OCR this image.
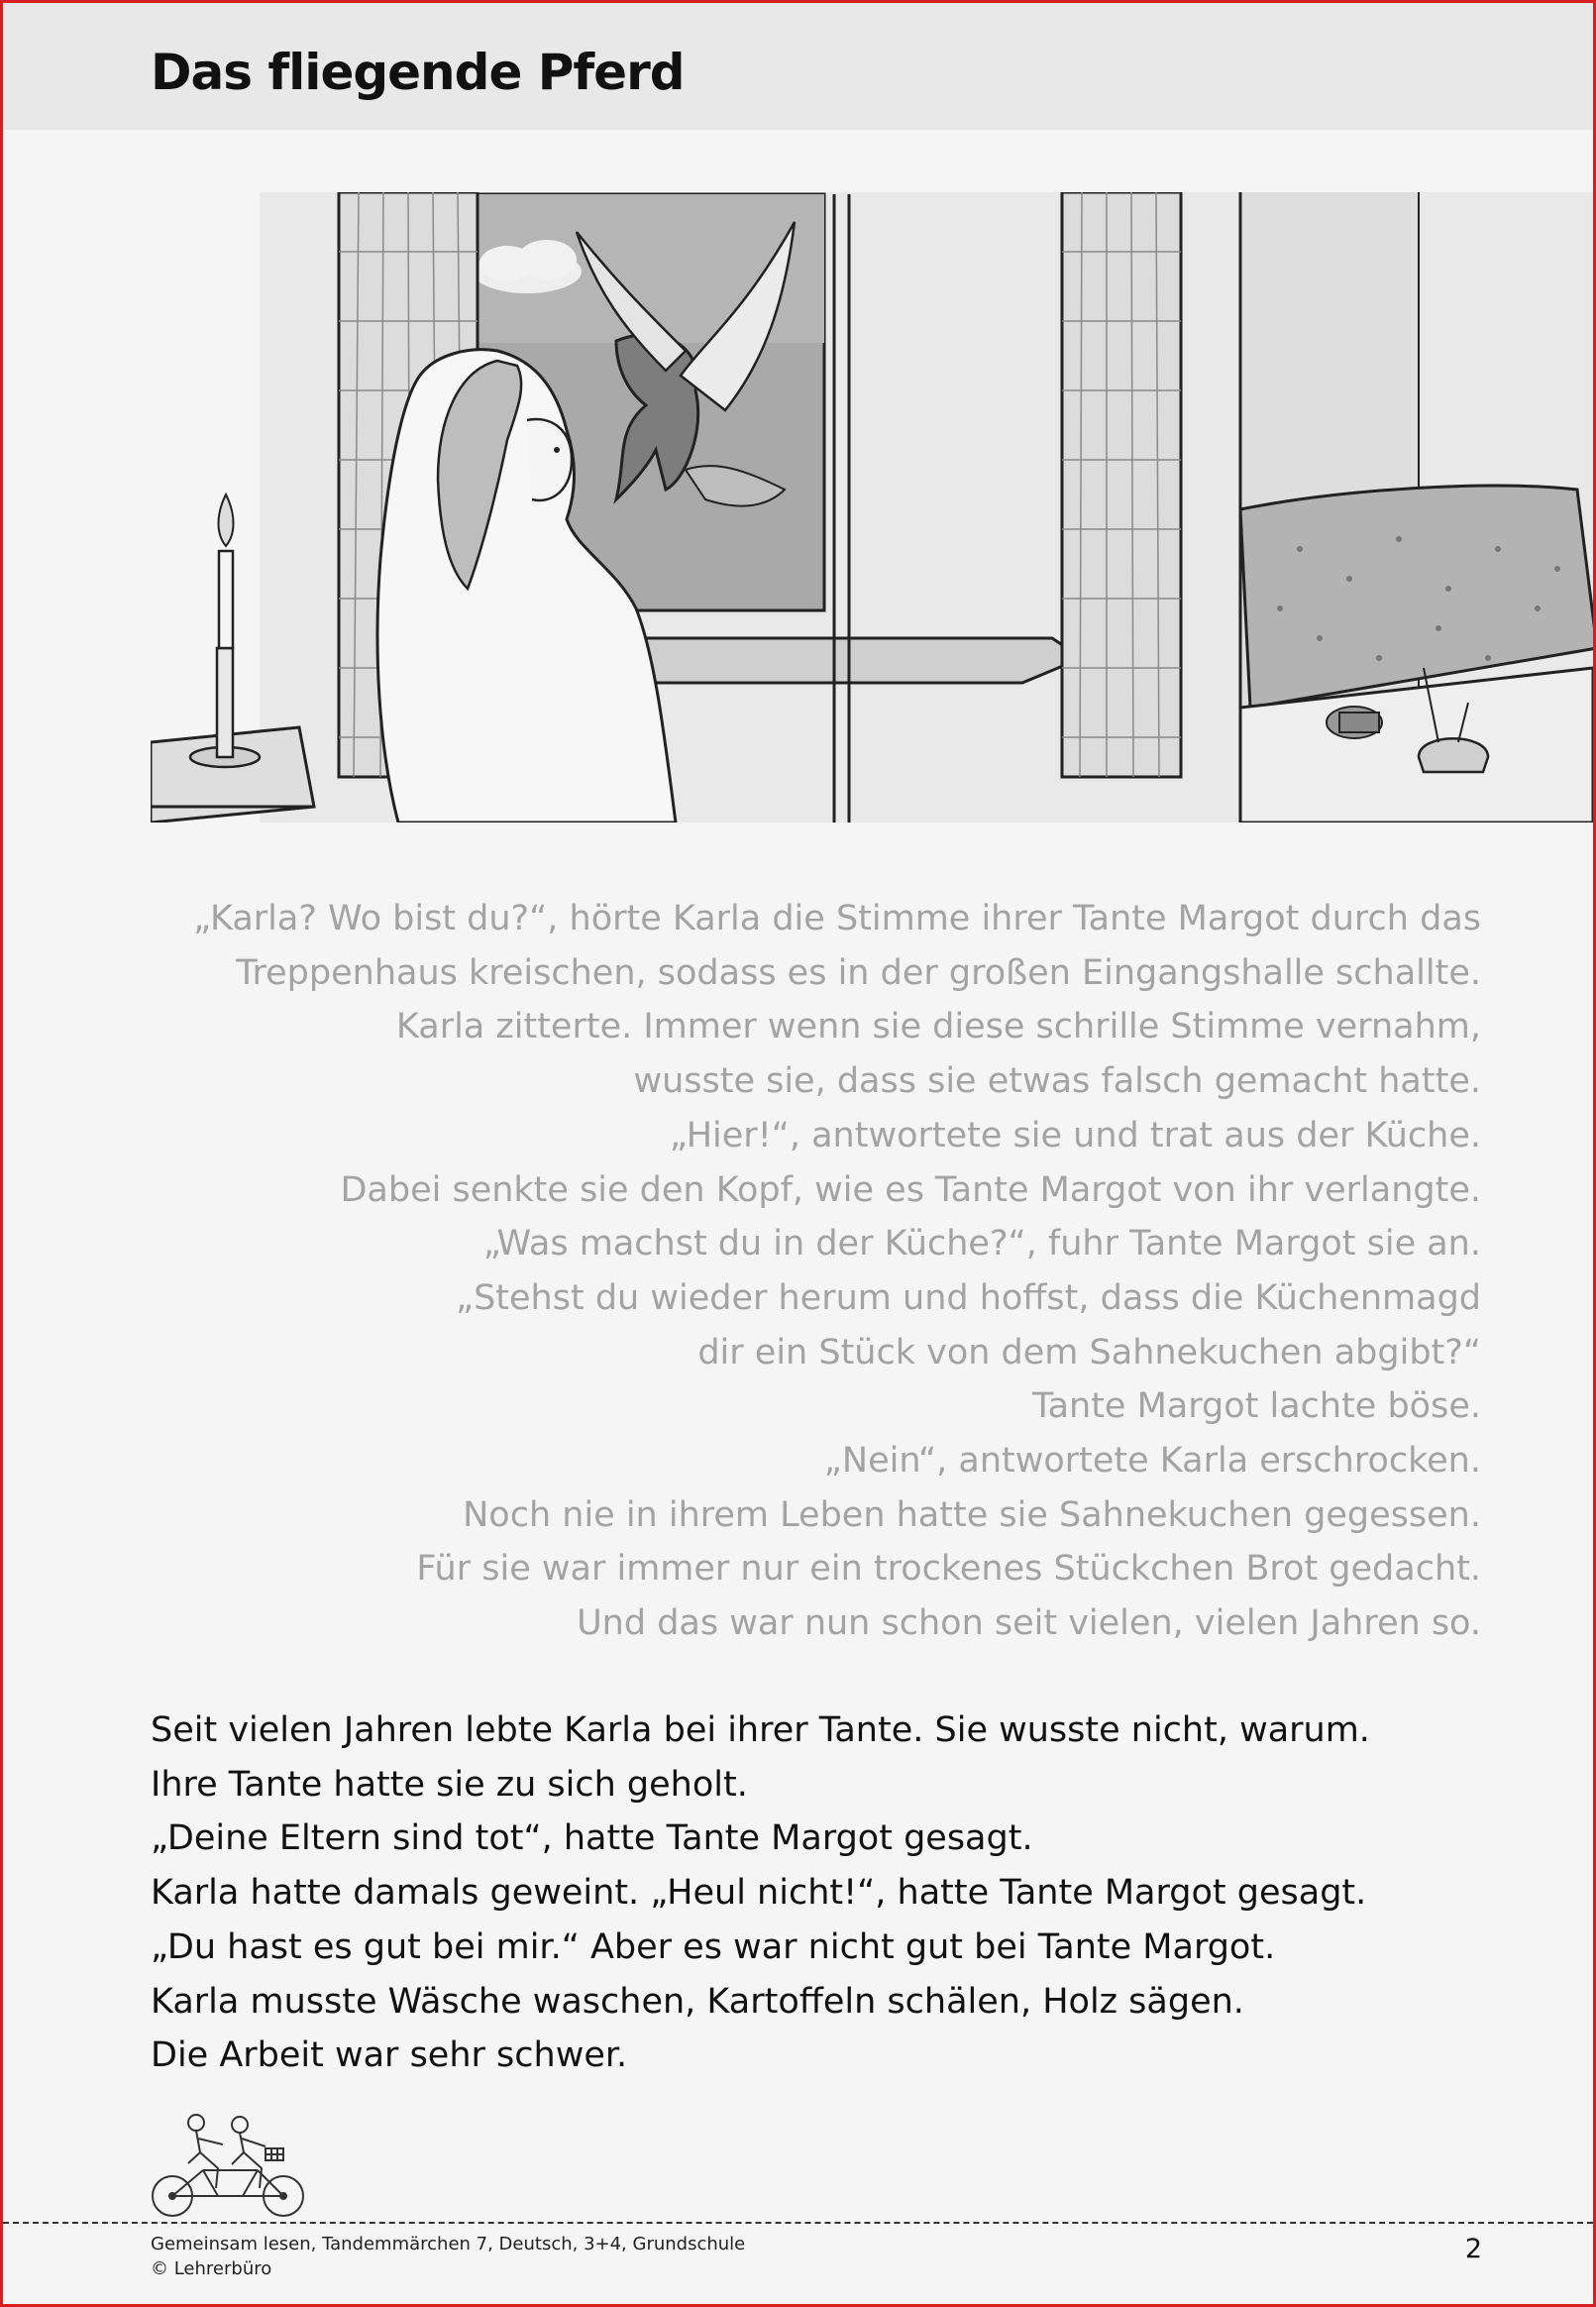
Das fliegende Pferd
„Karla? Wo bist du?“, hörte Karla die Stimme ihrer Tante Margot durch das
Treppenhaus kreischen, sodass es in der großen Eingangshalle schallte.
Karla zitterte. Immer wenn sie diese schrille Stimme vernahm,
wusste sie, dass sie etwas falsch gemacht hatte.
„Hier!“, antwortete sie und trat aus der Küche.
Dabei senkte sie den Kopf, wie es Tante Margot von ihr verlangte.
„Was machst du in der Küche?“, fuhr Tante Margot sie an.
„Stehst du wieder herum und hoffst, dass die Küchenmagd
dir ein Stück von dem Sahnekuchen abgibt?“
Tante Margot lachte böse.
„Nein“, antwortete Karla erschrocken.
Noch nie in ihrem Leben hatte sie Sahnekuchen gegessen.
Für sie war immer nur ein trockenes Stückchen Brot gedacht.
Und das war nun schon seit vielen, vielen Jahren so.
Seit vielen Jahren lebte Karla bei ihrer Tante. Sie wusste nicht, warum.
Ihre Tante hatte sie zu sich geholt.
„Deine Eltern sind tot“, hatte Tante Margot gesagt.
Karla hatte damals geweint. „Heul nicht!“, hatte Tante Margot gesagt.
„Du hast es gut bei mir.“ Aber es war nicht gut bei Tante Margot.
Karla musste Wäsche waschen, Kartoffeln schälen, Holz sägen.
Die Arbeit war sehr schwer.
Gemeinsam lesen, Tandemmärchen 7, Deutsch, 3+4, Grundschule
© Lehrerbüro
2
